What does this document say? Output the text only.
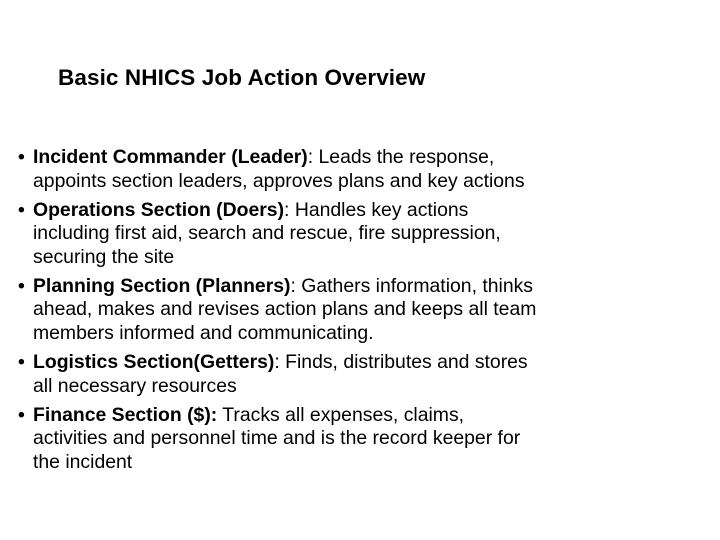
Basic NHICS Job Action Overview
• Incident Commander (Leader): Leads the response,
appoints section leaders, approves plans and key actions
• Operations Section (Doers): Handles key actions
including first aid, search and rescue, fire suppression,
securing the site
• Planning Section (Planners): Gathers information, thinks
ahead, makes and revises action plans and keeps all team
members informed and communicating.
• Logistics Section(Getters): Finds, distributes and stores
all necessary resources
• Finance Section ($): Tracks all expenses, claims,
activities and personnel time and is the record keeper for
the incident
